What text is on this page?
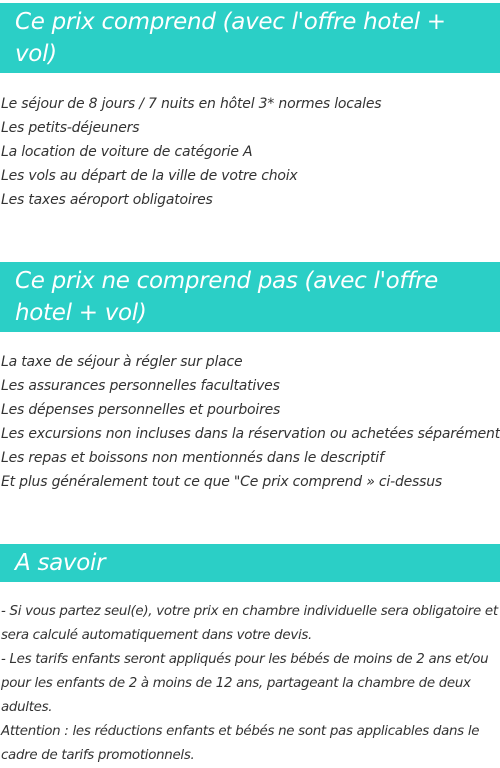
Ce prix comprend (avec l'offre hotel + vol)
Le séjour de 8 jours / 7 nuits en hôtel 3* normes locales
Les petits-déjeuners
La location de voiture de catégorie A
Les vols au départ de la ville de votre choix
Les taxes aéroport obligatoires
Ce prix ne comprend pas (avec l'offre hotel + vol)
La taxe de séjour à régler sur place
Les assurances personnelles facultatives
Les dépenses personnelles et pourboires
Les excursions non incluses dans la réservation ou achetées séparément
Les repas et boissons non mentionnés dans le descriptif
Et plus généralement tout ce que "Ce prix comprend » ci-dessus
A savoir
- Si vous partez seul(e), votre prix en chambre individuelle sera obligatoire et sera calculé automatiquement dans votre devis.
- Les tarifs enfants seront appliqués pour les bébés de moins de 2 ans et/ou pour les enfants de 2 à moins de 12 ans, partageant la chambre de deux adultes.
Attention : les réductions enfants et bébés ne sont pas applicables dans le cadre de tarifs promotionnels.
